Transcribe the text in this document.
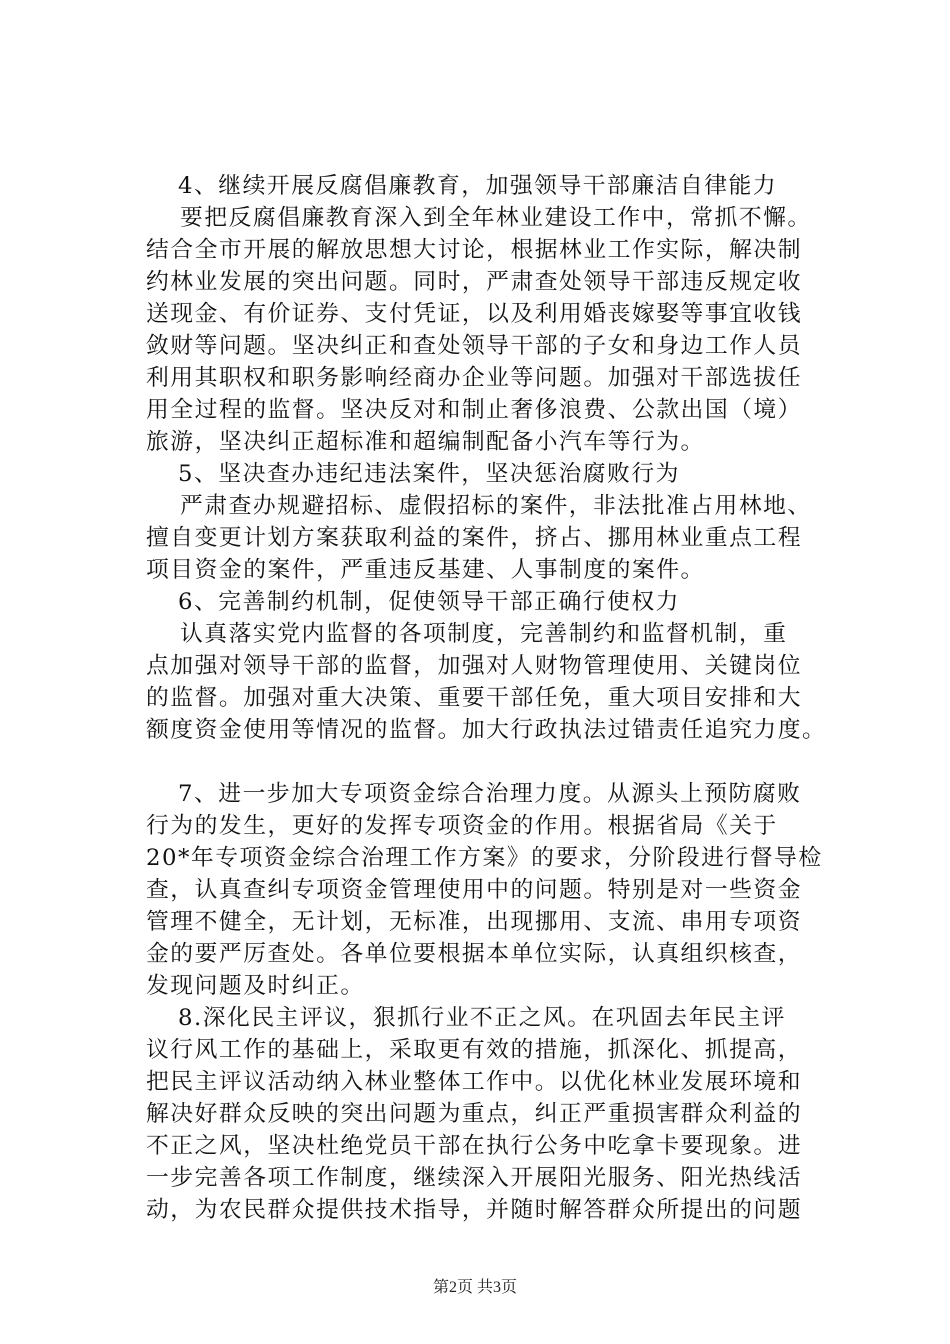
4、继续开展反腐倡廉教育，加强领导干部廉洁自律能力
要把反腐倡廉教育深入到全年林业建设工作中，常抓不懈。
结合全市开展的解放思想大讨论，根据林业工作实际，解决制
约林业发展的突出问题。同时，严肃查处领导干部违反规定收
送现金、有价证券、支付凭证，以及利用婚丧嫁娶等事宜收钱
敛财等问题。坚决纠正和查处领导干部的子女和身边工作人员
利用其职权和职务影响经商办企业等问题。加强对干部选拔任
用全过程的监督。坚决反对和制止奢侈浪费、公款出国（境）
旅游，坚决纠正超标准和超编制配备小汽车等行为。
5、坚决查办违纪违法案件，坚决惩治腐败行为
严肃查办规避招标、虚假招标的案件，非法批准占用林地、
擅自变更计划方案获取利益的案件，挤占、挪用林业重点工程
项目资金的案件，严重违反基建、人事制度的案件。
6、完善制约机制，促使领导干部正确行使权力
认真落实党内监督的各项制度，完善制约和监督机制，重
点加强对领导干部的监督，加强对人财物管理使用、关键岗位
的监督。加强对重大决策、重要干部任免，重大项目安排和大
额度资金使用等情况的监督。加大行政执法过错责任追究力度。
7、进一步加大专项资金综合治理力度。从源头上预防腐败
行为的发生，更好的发挥专项资金的作用。根据省局《关于
20*年专项资金综合治理工作方案》的要求，分阶段进行督导检
查，认真查纠专项资金管理使用中的问题。特别是对一些资金
管理不健全，无计划，无标准，出现挪用、支流、串用专项资
金的要严厉查处。各单位要根据本单位实际，认真组织核查，
发现问题及时纠正。
8.深化民主评议，狠抓行业不正之风。在巩固去年民主评
议行风工作的基础上，采取更有效的措施，抓深化、抓提高，
把民主评议活动纳入林业整体工作中。以优化林业发展环境和
解决好群众反映的突出问题为重点，纠正严重损害群众利益的
不正之风，坚决杜绝党员干部在执行公务中吃拿卡要现象。进
一步完善各项工作制度，继续深入开展阳光服务、阳光热线活
动，为农民群众提供技术指导，并随时解答群众所提出的问题
第2页 共3页
